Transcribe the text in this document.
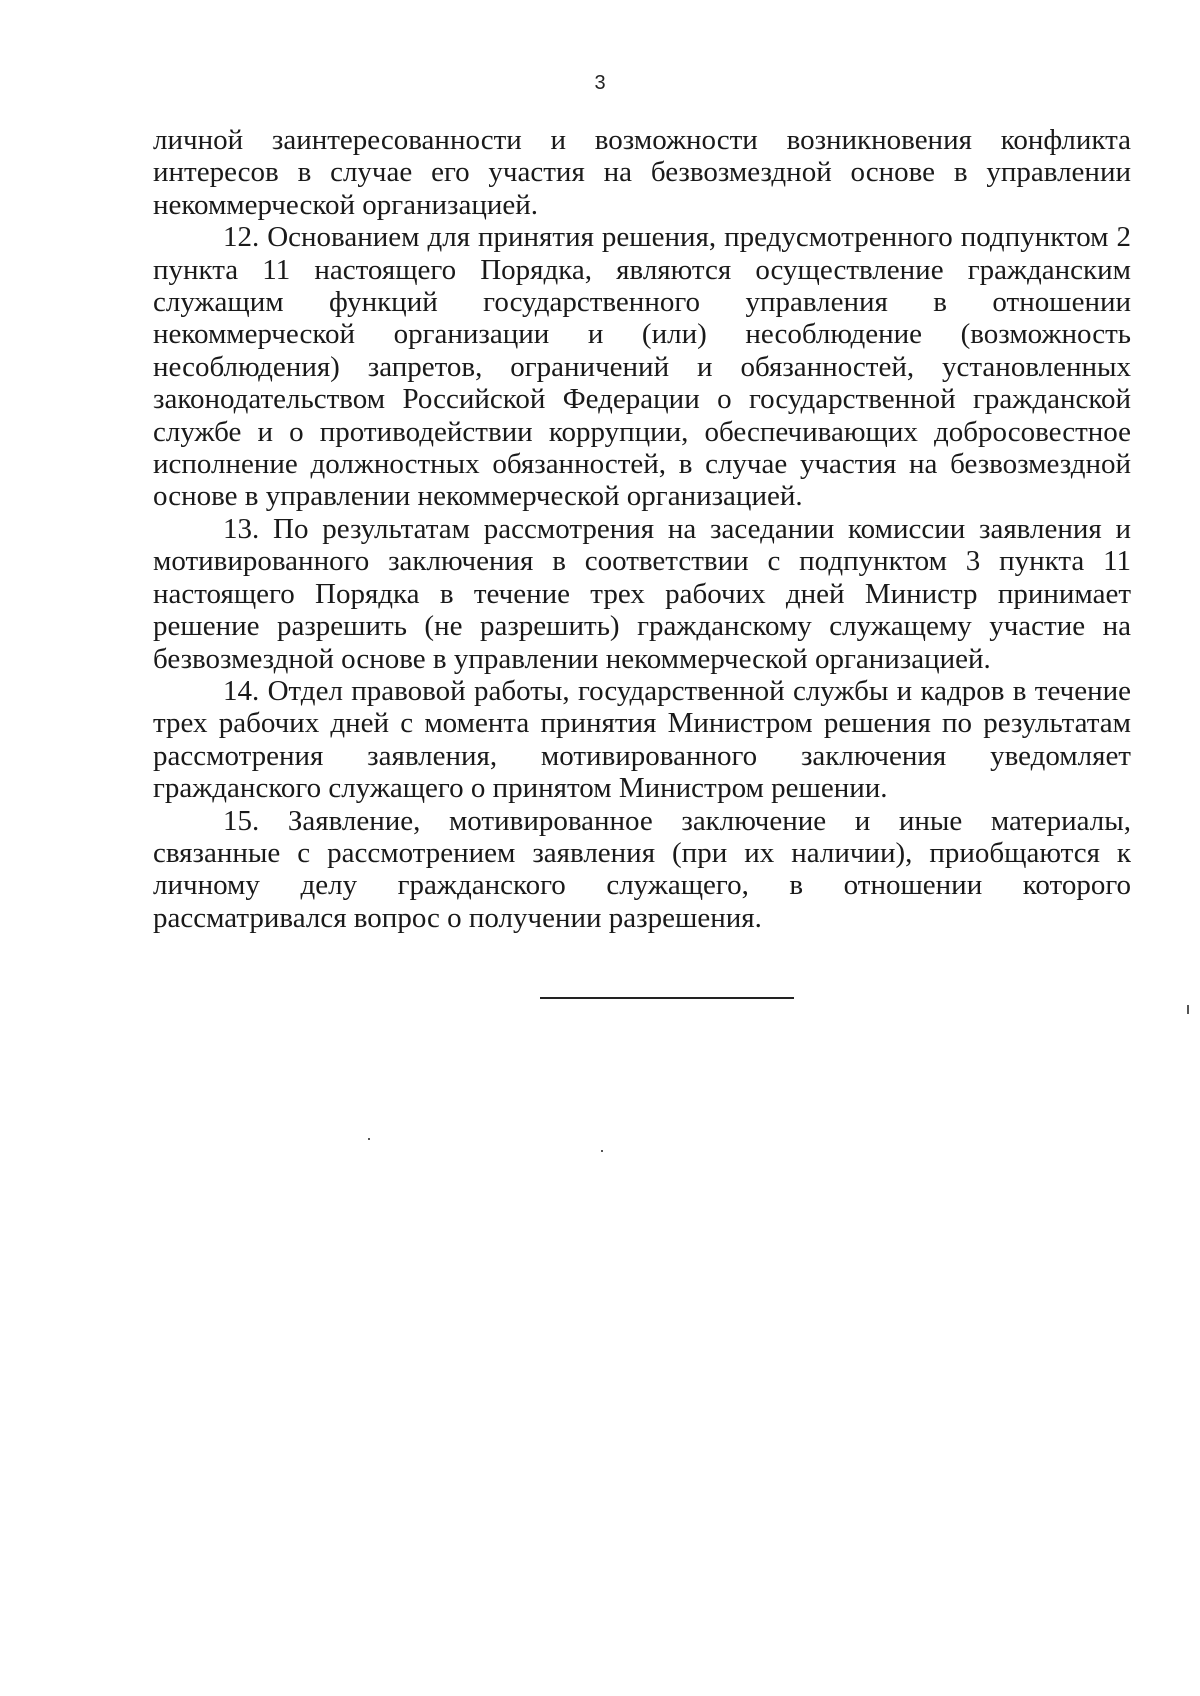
3

личной заинтересованности и возможности возникновения конфликта интересов в случае его участия на безвозмездной основе в управлении некоммерческой организацией.

12. Основанием для принятия решения, предусмотренного подпунктом 2 пункта 11 настоящего Порядка, являются осуществление гражданским служащим функций государственного управления в отношении некоммерческой организации и (или) несоблюдение (возможность несоблюдения) запретов, ограничений и обязанностей, установленных законодательством Российской Федерации о государственной гражданской службе и о противодействии коррупции, обеспечивающих добросовестное исполнение должностных обязанностей, в случае участия на безвозмездной основе в управлении некоммерческой организацией.

13. По результатам рассмотрения на заседании комиссии заявления и мотивированного заключения в соответствии с подпунктом 3 пункта 11 настоящего Порядка в течение трех рабочих дней Министр принимает решение разрешить (не разрешить) гражданскому служащему участие на безвозмездной основе в управлении некоммерческой организацией.

14. Отдел правовой работы, государственной службы и кадров в течение трех рабочих дней с момента принятия Министром решения по результатам рассмотрения заявления, мотивированного заключения уведомляет гражданского служащего о принятом Министром решении.

15. Заявление, мотивированное заключение и иные материалы, связанные с рассмотрением заявления (при их наличии), приобщаются к личному делу гражданского служащего, в отношении которого рассматривался вопрос о получении разрешения.
